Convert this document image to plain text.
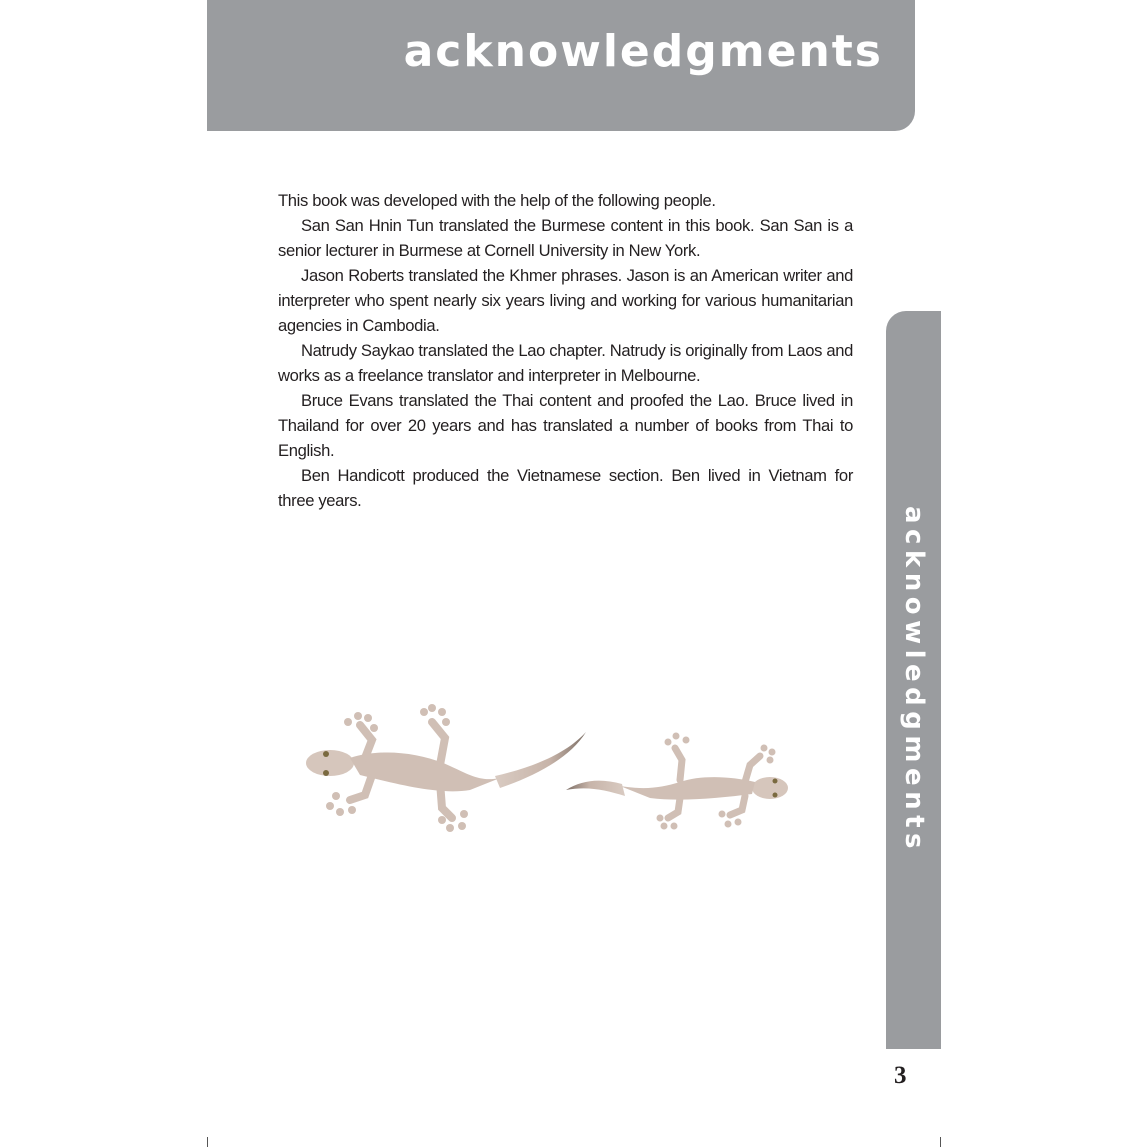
acknowledgments

This book was developed with the help of the following people.

San San Hnin Tun translated the Burmese content in this book. San San is a senior lecturer in Burmese at Cornell University in New York.

Jason Roberts translated the Khmer phrases. Jason is an American writer and interpreter who spent nearly six years living and working for various humanitarian agencies in Cambodia.

Natrudy Saykao translated the Lao chapter. Natrudy is originally from Laos and works as a freelance translator and interpreter in Melbourne.

Bruce Evans translated the Thai content and proofed the Lao. Bruce lived in Thailand for over 20 years and has translated a number of books from Thai to English.

Ben Handicott produced the Vietnamese section. Ben lived in Vietnam for three years.

acknowledgments
3
